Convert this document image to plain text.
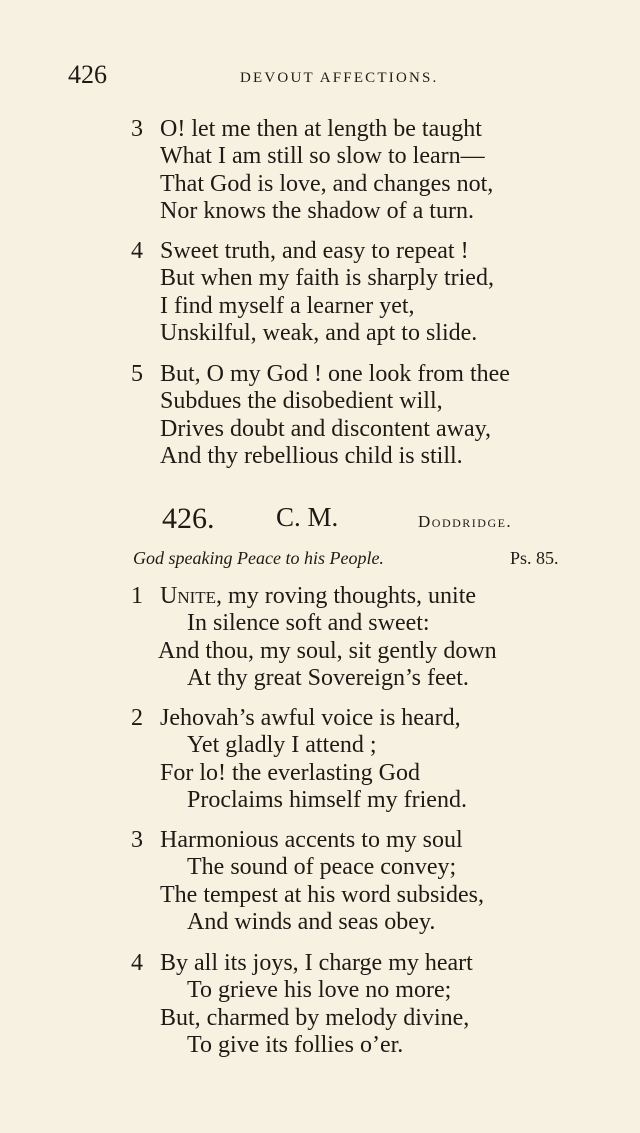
426	DEVOUT AFFECTIONS.
3 O! let me then at length be taught
What I am still so slow to learn—
That God is love, and changes not,
Nor knows the shadow of a turn.
4 Sweet truth, and easy to repeat !
But when my faith is sharply tried,
I find myself a learner yet,
Unskilful, weak, and apt to slide.
5 But, O my God ! one look from thee
Subdues the disobedient will,
Drives doubt and discontent away,
And thy rebellious child is still.
426. C. M.	Doddridge.
God speaking Peace to his People.	Ps. 85.
1 Unite, my roving thoughts, unite
In silence soft and sweet:
And thou, my soul, sit gently down
At thy great Sovereign’s feet.
2 Jehovah’s awful voice is heard,
Yet gladly I attend ;
For lo! the everlasting God
Proclaims himself my friend.
3 Harmonious accents to my soul
The sound of peace convey;
The tempest at his word subsides,
And winds and seas obey.
4 By all its joys, I charge my heart
To grieve his love no more;
But, charmed by melody divine,
To give its follies o’er.
